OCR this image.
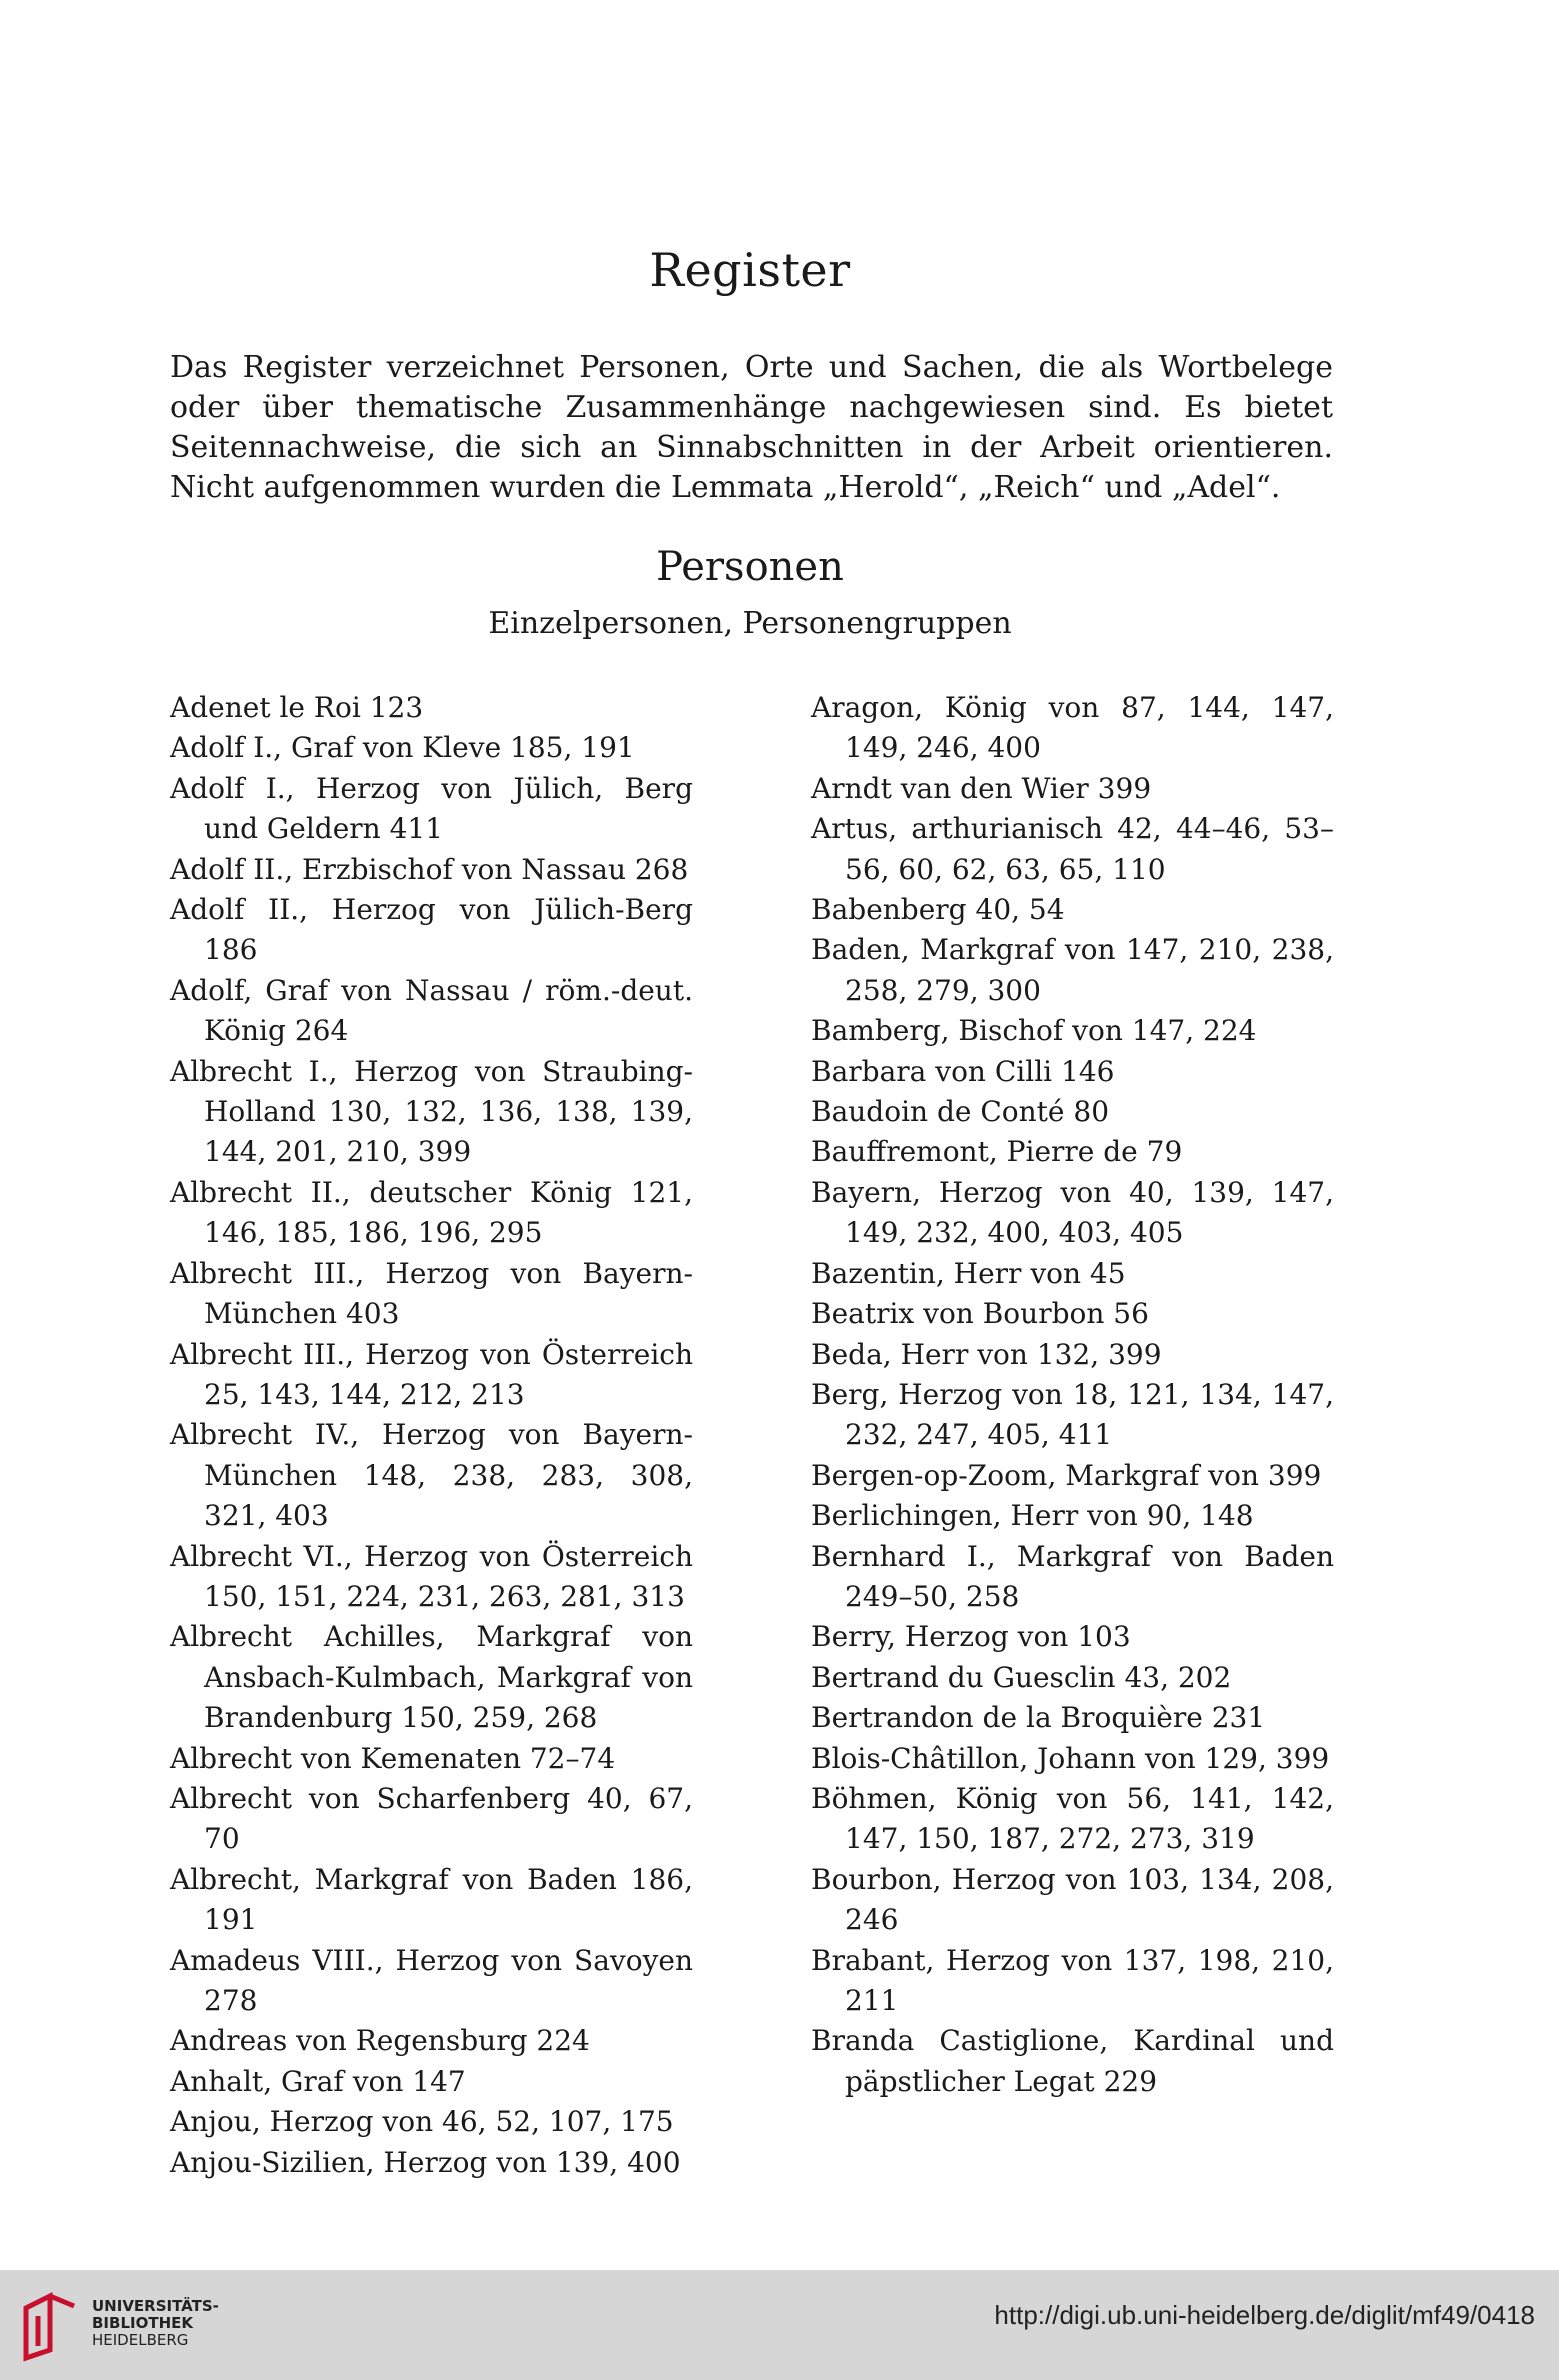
Register

Das Register verzeichnet Personen, Orte und Sachen, die als Wortbelege oder über thematische Zusammenhänge nachgewiesen sind. Es bietet Seitennachweise, die sich an Sinnabschnitten in der Arbeit orientieren. Nicht aufgenommen wurden die Lemmata „Herold“, „Reich“ und „Adel“.

Personen
Einzelpersonen, Personengruppen
Adenet le Roi 123
Adolf I., Graf von Kleve 185, 191
Adolf I., Herzog von Jülich, Berg und Geldern 411
Adolf II., Erzbischof von Nassau 268
Adolf II., Herzog von Jülich-Berg 186
Adolf, Graf von Nassau / röm.-deut. König 264
Albrecht I., Herzog von Straubing-Holland 130, 132, 136, 138, 139, 144, 201, 210, 399
Albrecht II., deutscher König 121, 146, 185, 186, 196, 295
Albrecht III., Herzog von Bayern-München 403
Albrecht III., Herzog von Österreich 25, 143, 144, 212, 213
Albrecht IV., Herzog von Bayern-München 148, 238, 283, 308, 321, 403
Albrecht VI., Herzog von Österreich 150, 151, 224, 231, 263, 281, 313
Albrecht Achilles, Markgraf von Ansbach-Kulmbach, Markgraf von Brandenburg 150, 259, 268
Albrecht von Kemenaten 72–74
Albrecht von Scharfenberg 40, 67, 70
Albrecht, Markgraf von Baden 186, 191
Amadeus VIII., Herzog von Savoyen 278
Andreas von Regensburg 224
Anhalt, Graf von 147
Anjou, Herzog von 46, 52, 107, 175
Anjou-Sizilien, Herzog von 139, 400
Aragon, König von 87, 144, 147, 149, 246, 400
Arndt van den Wier 399
Artus, arthurianisch 42, 44–46, 53–56, 60, 62, 63, 65, 110
Babenberg 40, 54
Baden, Markgraf von 147, 210, 238, 258, 279, 300
Bamberg, Bischof von 147, 224
Barbara von Cilli 146
Baudoin de Conté 80
Bauffremont, Pierre de 79
Bayern, Herzog von 40, 139, 147, 149, 232, 400, 403, 405
Bazentin, Herr von 45
Beatrix von Bourbon 56
Beda, Herr von 132, 399
Berg, Herzog von 18, 121, 134, 147, 232, 247, 405, 411
Bergen-op-Zoom, Markgraf von 399
Berlichingen, Herr von 90, 148
Bernhard I., Markgraf von Baden 249–50, 258
Berry, Herzog von 103
Bertrand du Guesclin 43, 202
Bertrandon de la Broquière 231
Blois-Châtillon, Johann von 129, 399
Böhmen, König von 56, 141, 142, 147, 150, 187, 272, 273, 319
Bourbon, Herzog von 103, 134, 208, 246
Brabant, Herzog von 137, 198, 210, 211
Branda Castiglione, Kardinal und päpstlicher Legat 229
UNIVERSITÄTS-
BIBLIOTHEK
HEIDELBERG
http://digi.ub.uni-heidelberg.de/diglit/mf49/0418
